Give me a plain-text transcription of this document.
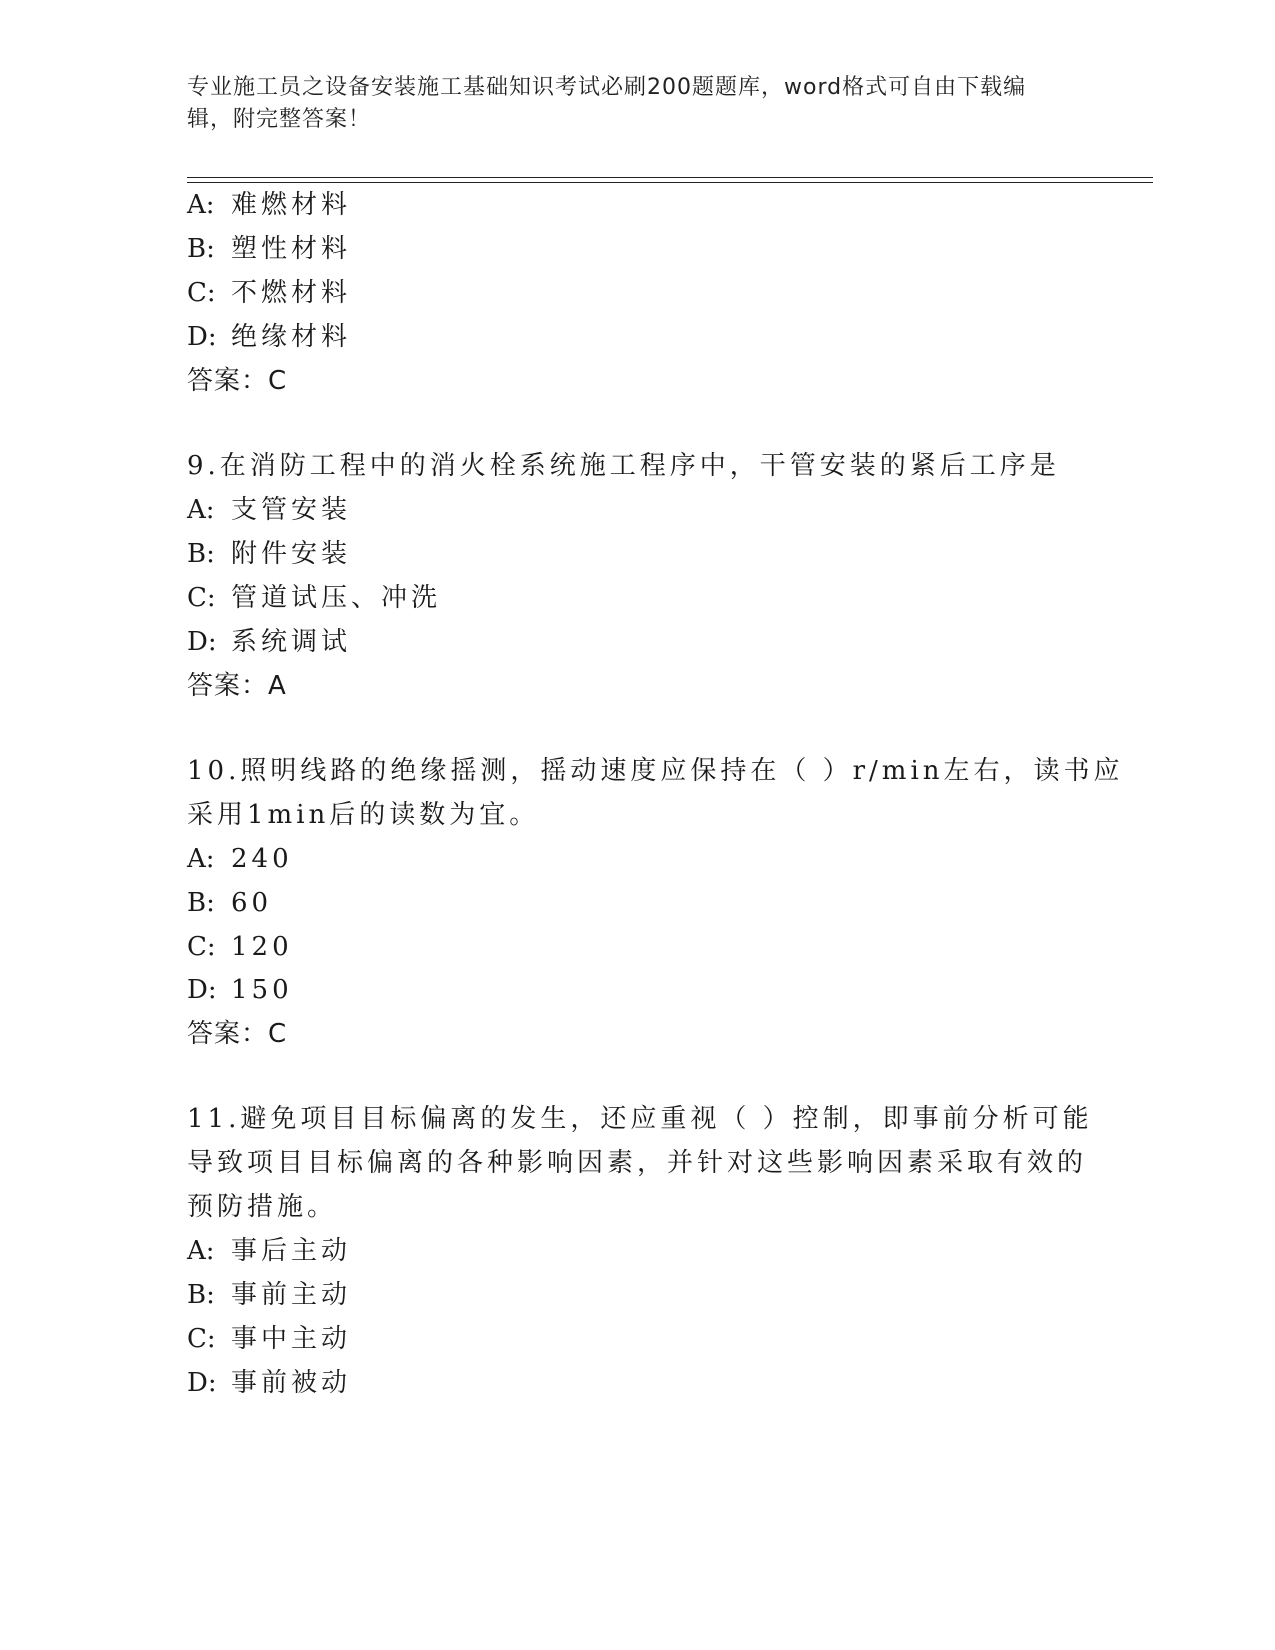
专业施工员之设备安装施工基础知识考试必刷200题题库，word格式可自由下载编辑，附完整答案！
A: 难燃材料
B: 塑性材料
C: 不燃材料
D: 绝缘材料
答案：C
9.在消防工程中的消火栓系统施工程序中，干管安装的紧后工序是
A: 支管安装
B: 附件安装
C: 管道试压、冲洗
D: 系统调试
答案：A
10.照明线路的绝缘摇测，摇动速度应保持在（ ）r/min左右，读书应
采用1min后的读数为宜。
A: 240
B: 60
C: 120
D: 150
答案：C
11.避免项目目标偏离的发生，还应重视（ ）控制，即事前分析可能
导致项目目标偏离的各种影响因素，并针对这些影响因素采取有效的
预防措施。
A: 事后主动
B: 事前主动
C: 事中主动
D: 事前被动
